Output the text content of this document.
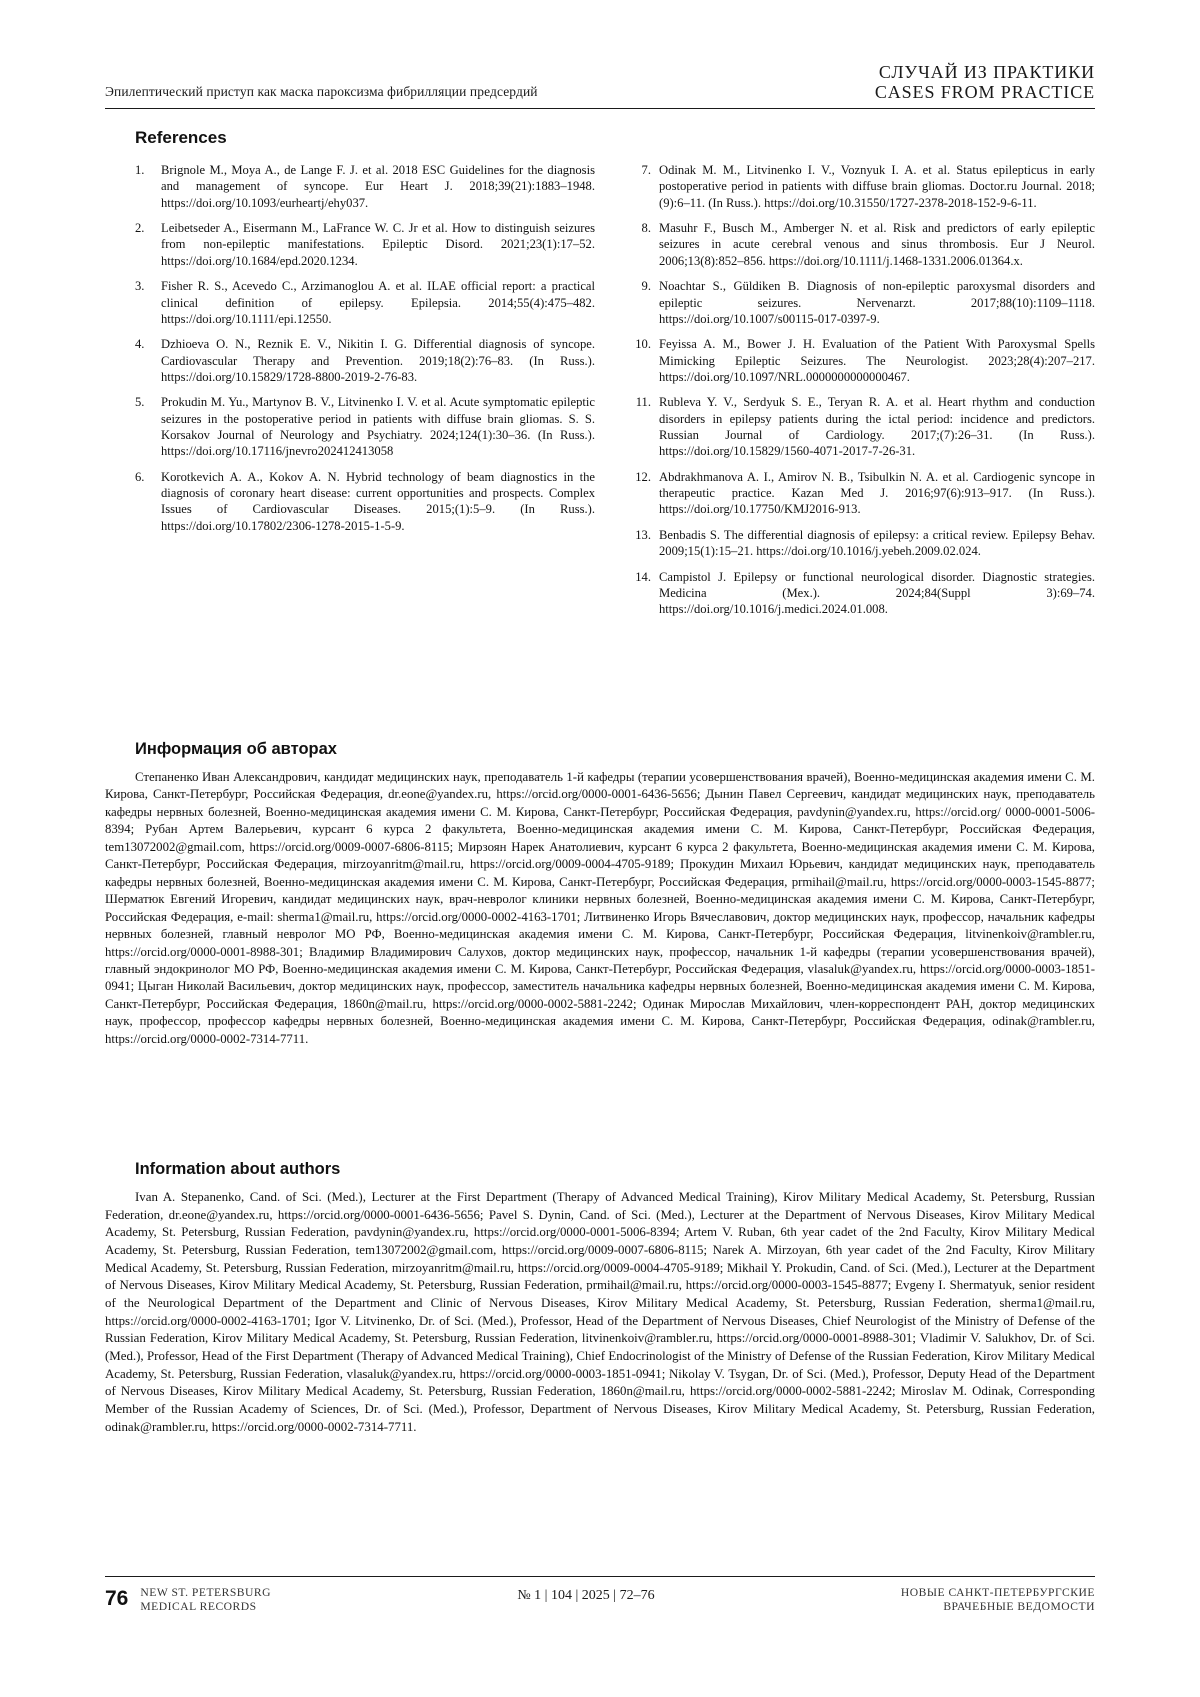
Эпилептический приступ как маска пароксизма фибрилляции предсердий
СЛУЧАЙ ИЗ ПРАКТИКИ
CASES FROM PRACTICE
References
1.	Brignole M., Moya A., de Lange F. J. et al. 2018 ESC Guidelines for the diagnosis and management of syncope. Eur Heart J. 2018;39(21):1883–1948. https://doi.org/10.1093/eurheartj/ehy037.
2.	Leibetseder A., Eisermann M., LaFrance W. C. Jr et al. How to distinguish seizures from non-epileptic manifestations. Epileptic Disord. 2021;23(1):17–52. https://doi.org/10.1684/epd.2020.1234.
3.	Fisher R. S., Acevedo C., Arzimanoglou A. et al. ILAE official report: a practical clinical definition of epilepsy. Epilepsia. 2014;55(4):475–482. https://doi.org/10.1111/epi.12550.
4.	Dzhioeva O. N., Reznik E. V., Nikitin I. G. Differential diagnosis of syncope. Cardiovascular Therapy and Prevention. 2019;18(2):76–83. (In Russ.). https://doi.org/10.15829/1728-8800-2019-2-76-83.
5.	Prokudin M. Yu., Martynov B. V., Litvinenko I. V. et al. Acute symptomatic epileptic seizures in the postoperative period in patients with diffuse brain gliomas. S. S. Korsakov Journal of Neurology and Psychiatry. 2024;124(1):30–36. (In Russ.). https://doi.org/10.17116/jnevro202412413058
6.	Korotkevich A. A., Kokov A. N. Hybrid technology of beam diagnostics in the diagnosis of coronary heart disease: current opportunities and prospects. Complex Issues of Cardiovascular Diseases. 2015;(1):5–9. (In Russ.). https://doi.org/10.17802/2306-1278-2015-1-5-9.
7. Odinak M. M., Litvinenko I. V., Voznyuk I. A. et al. Status epilepticus in early postoperative period in patients with diffuse brain gliomas. Doctor.ru Journal. 2018;(9):6–11. (In Russ.). https://doi.org/10.31550/1727-2378-2018-152-9-6-11.
8. Masuhr F., Busch M., Amberger N. et al. Risk and predictors of early epileptic seizures in acute cerebral venous and sinus thrombosis. Eur J Neurol. 2006;13(8):852–856. https://doi.org/10.1111/j.1468-1331.2006.01364.x.
9. Noachtar S., Güldiken B. Diagnosis of non-epileptic paroxysmal disorders and epileptic seizures. Nervenarzt. 2017;88(10):1109–1118. https://doi.org/10.1007/s00115-017-0397-9.
10. Feyissa A. M., Bower J. H. Evaluation of the Patient With Paroxysmal Spells Mimicking Epileptic Seizures. The Neurologist. 2023;28(4):207–217. https://doi.org/10.1097/NRL.0000000000000467.
11. Rubleva Y. V., Serdyuk S. E., Teryan R. A. et al. Heart rhythm and conduction disorders in epilepsy patients during the ictal period: incidence and predictors. Russian Journal of Cardiology. 2017;(7):26–31. (In Russ.). https://doi.org/10.15829/1560-4071-2017-7-26-31.
12. Abdrakhmanova A. I., Amirov N. B., Tsibulkin N. A. et al. Cardiogenic syncope in therapeutic practice. Kazan Med J. 2016;97(6):913–917. (In Russ.). https://doi.org/10.17750/KMJ2016-913.
13. Benbadis S. The differential diagnosis of epilepsy: a critical review. Epilepsy Behav. 2009;15(1):15–21. https://doi.org/10.1016/j.yebeh.2009.02.024.
14. Campistol J. Epilepsy or functional neurological disorder. Diagnostic strategies. Medicina (Mex.). 2024;84(Suppl 3):69–74. https://doi.org/10.1016/j.medici.2024.01.008.
Информация об авторах
Степаненко Иван Александрович, кандидат медицинских наук, преподаватель 1-й кафедры (терапии усовершенствования врачей), Военно-медицинская академия имени С. М. Кирова, Санкт-Петербург, Российская Федерация, dr.eone@yandex.ru, https://orcid.org/0000-0001-6436-5656; Дынин Павел Сергеевич, кандидат медицинских наук, преподаватель кафедры нервных болезней, Военно-медицинская академия имени С. М. Кирова, Санкт-Петербург, Российская Федерация, pavdynin@yandex.ru, https://orcid.org/ 0000-0001-5006-8394; Рубан Артем Валерьевич, курсант 6 курса 2 факультета, Военно-медицинская академия имени С. М. Кирова, Санкт-Петербург, Российская Федерация, tem13072002@gmail.com, https://orcid.org/0009-0007-6806-8115; Мирзоян Нарек Анатолиевич, курсант 6 курса 2 факультета, Военно-медицинская академия имени С. М. Кирова, Санкт-Петербург, Российская Федерация, mirzoyanritm@mail.ru, https://orcid.org/0009-0004-4705-9189; Прокудин Михаил Юрьевич, кандидат медицинских наук, преподаватель кафедры нервных болезней, Военно-медицинская академия имени С. М. Кирова, Санкт-Петербург, Российская Федерация, prmihail@mail.ru, https://orcid.org/0000-0003-1545-8877; Шерматюк Евгений Игоревич, кандидат медицинских наук, врач-невролог клиники нервных болезней, Военно-медицинская академия имени С. М. Кирова, Санкт-Петербург, Российская Федерация, e-mail: sherma1@mail.ru, https://orcid.org/0000-0002-4163-1701; Литвиненко Игорь Вячеславович, доктор медицинских наук, профессор, начальник кафедры нервных болезней, главный невролог МО РФ, Военно-медицинская академия имени С. М. Кирова, Санкт-Петербург, Российская Федерация, litvinenkoiv@rambler.ru, https://orcid.org/0000-0001-8988-301; Владимир Владимирович Салухов, доктор медицинских наук, профессор, начальник 1-й кафедры (терапии усовершенствования врачей), главный эндокринолог МО РФ, Военно-медицинская академия имени С. М. Кирова, Санкт-Петербург, Российская Федерация, vlasaluk@yandex.ru, https://orcid.org/0000-0003-1851-0941; Цыган Николай Васильевич, доктор медицинских наук, профессор, заместитель начальника кафедры нервных болезней, Военно-медицинская академия имени С. М. Кирова, Санкт-Петербург, Российская Федерация, 1860n@mail.ru, https://orcid.org/0000-0002-5881-2242; Одинак Мирослав Михайлович, член-корреспондент РАН, доктор медицинских наук, профессор, профессор кафедры нервных болезней, Военно-медицинская академия имени С. М. Кирова, Санкт-Петербург, Российская Федерация, odinak@rambler.ru, https://orcid.org/0000-0002-7314-7711.
Information about authors
Ivan A. Stepanenko, Cand. of Sci. (Med.), Lecturer at the First Department (Therapy of Advanced Medical Training), Kirov Military Medical Academy, St. Petersburg, Russian Federation, dr.eone@yandex.ru, https://orcid.org/0000-0001-6436-5656; Pavel S. Dynin, Cand. of Sci. (Med.), Lecturer at the Department of Nervous Diseases, Kirov Military Medical Academy, St. Petersburg, Russian Federation, pavdynin@yandex.ru, https://orcid.org/0000-0001-5006-8394; Artem V. Ruban, 6th year cadet of the 2nd Faculty, Kirov Military Medical Academy, St. Petersburg, Russian Federation, tem13072002@gmail.com, https://orcid.org/0009-0007-6806-8115; Narek A. Mirzoyan, 6th year cadet of the 2nd Faculty, Kirov Military Medical Academy, St. Petersburg, Russian Federation, mirzoyanritm@mail.ru, https://orcid.org/0009-0004-4705-9189; Mikhail Y. Prokudin, Cand. of Sci. (Med.), Lecturer at the Department of Nervous Diseases, Kirov Military Medical Academy, St. Petersburg, Russian Federation, prmihail@mail.ru, https://orcid.org/0000-0003-1545-8877; Evgeny I. Shermatyuk, senior resident of the Neurological Department of the Department and Clinic of Nervous Diseases, Kirov Military Medical Academy, St. Petersburg, Russian Federation, sherma1@mail.ru, https://orcid.org/0000-0002-4163-1701; Igor V. Litvinenko, Dr. of Sci. (Med.), Professor, Head of the Department of Nervous Diseases, Chief Neurologist of the Ministry of Defense of the Russian Federation, Kirov Military Medical Academy, St. Petersburg, Russian Federation, litvinenkoiv@rambler.ru, https://orcid.org/0000-0001-8988-301; Vladimir V. Salukhov, Dr. of Sci. (Med.), Professor, Head of the First Department (Therapy of Advanced Medical Training), Chief Endocrinologist of the Ministry of Defense of the Russian Federation, Kirov Military Medical Academy, St. Petersburg, Russian Federation, vlasaluk@yandex.ru, https://orcid.org/0000-0003-1851-0941; Nikolay V. Tsygan, Dr. of Sci. (Med.), Professor, Deputy Head of the Department of Nervous Diseases, Kirov Military Medical Academy, St. Petersburg, Russian Federation, 1860n@mail.ru, https://orcid.org/0000-0002-5881-2242; Miroslav M. Odinak, Corresponding Member of the Russian Academy of Sciences, Dr. of Sci. (Med.), Professor, Department of Nervous Diseases, Kirov Military Medical Academy, St. Petersburg, Russian Federation, odinak@rambler.ru, https://orcid.org/0000-0002-7314-7711.
76 NEW ST. PETERSBURG
MEDICAL RECORDS
№ 1 | 104 | 2025 | 72–76	НОВЫЕ САНКТ-ПЕТЕРБУРГСКИЕ
ВРАЧЕБНЫЕ ВЕДОМОСТИ
